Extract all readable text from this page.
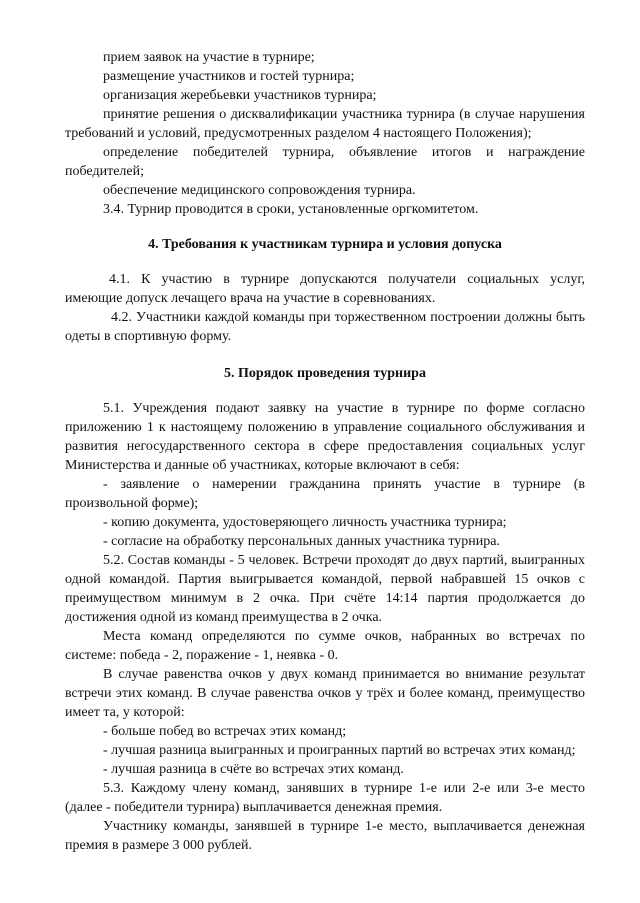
прием заявок на участие в турнире;

размещение участников и гостей турнира;

организация жеребьевки участников турнира;

принятие решения о дисквалификации участника турнира (в случае нарушения требований и условий, предусмотренных разделом 4 настоящего Положения);

определение победителей турнира, объявление итогов и награждение победителей;

обеспечение медицинского сопровождения турнира.

3.4. Турнир проводится в сроки, установленные оргкомитетом.

4. Требования к участникам турнира и условия допуска

4.1. К участию в турнире допускаются получатели социальных услуг, имеющие допуск лечащего врача на участие в соревнованиях.

4.2. Участники каждой команды при торжественном построении должны быть одеты в спортивную форму.

5. Порядок проведения турнира

5.1. Учреждения подают заявку на участие в турнире по форме согласно приложению 1 к настоящему положению в управление социального обслуживания и развития негосударственного сектора в сфере предоставления социальных услуг Министерства и данные об участниках, которые включают в себя:

- заявление о намерении гражданина принять участие в турнире (в произвольной форме);

- копию документа, удостоверяющего личность участника турнира;

- согласие на обработку персональных данных участника турнира.

5.2. Состав команды - 5 человек. Встречи проходят до двух партий, выигранных одной командой. Партия выигрывается командой, первой набравшей 15 очков с преимуществом минимум в 2 очка. При счёте 14:14 партия продолжается до достижения одной из команд преимущества в 2 очка.

Места команд определяются по сумме очков, набранных во встречах по системе: победа - 2, поражение - 1, неявка - 0.

В случае равенства очков у двух команд принимается во внимание результат встречи этих команд. В случае равенства очков у трёх и более команд, преимущество имеет та, у которой:

- больше побед во встречах этих команд;

- лучшая разница выигранных и проигранных партий во встречах этих команд;

- лучшая разница в счёте во встречах этих команд.

5.3. Каждому члену команд, занявших в турнире 1-е или 2-е или 3-е место (далее - победители турнира) выплачивается денежная премия.

Участнику команды, занявшей в турнире 1-е место, выплачивается денежная премия в размере 3 000 рублей.
